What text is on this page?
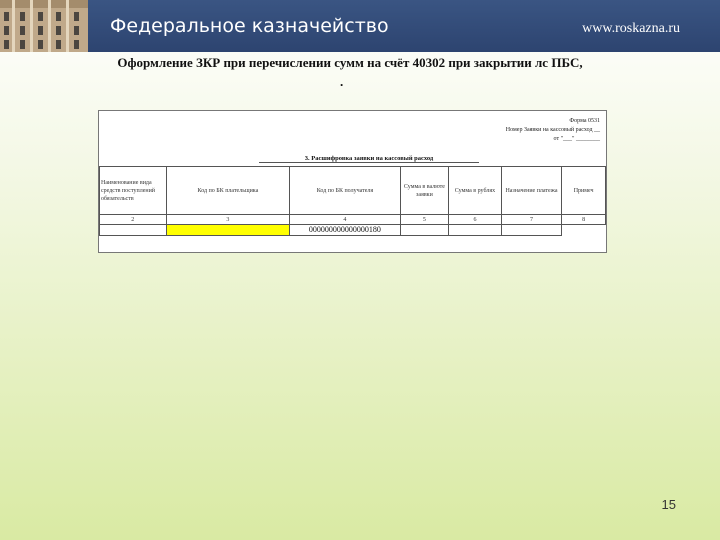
Федеральное казначейство	www.roskazna.ru
Оформление ЗКР при перечислении сумм на счёт 40302 при закрытии лс ПБС,
.
Форма 0531
Номер Заявки на кассовый расход __
от "___" ________
3. Расшифровка заявки на кассовый расход
Наименование вида средств поступлений обязательств	Код по БК плательщика	Код по БК получателя	Сумма в валюте заявки	Сумма в рублях	Назначение платежа	Примеч
2	3	4	5	6	7	8
		000000000000000180				
15
